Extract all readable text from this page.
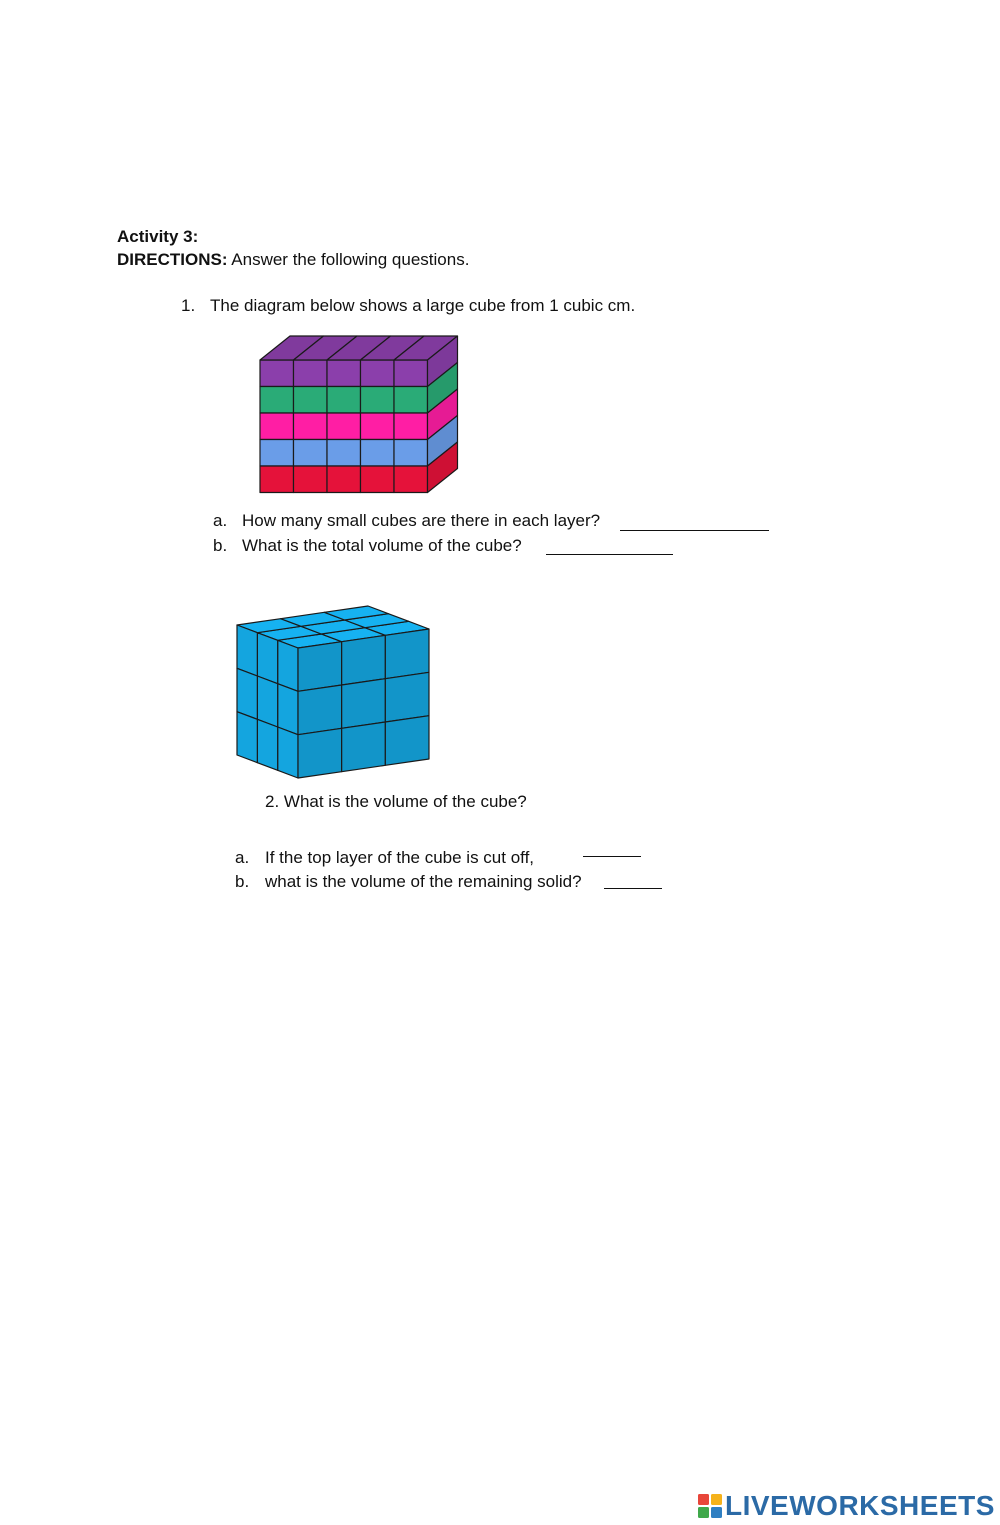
Activity 3:
DIRECTIONS: Answer the following questions.
1. The diagram below shows a large cube from 1 cubic cm.
a. How many small cubes are there in each layer?
b. What is the total volume of the cube?
2. What is the volume of the cube?
a. If the top layer of the cube is cut off,
b. what is the volume of the remaining solid?
LIVEWORKSHEETS
